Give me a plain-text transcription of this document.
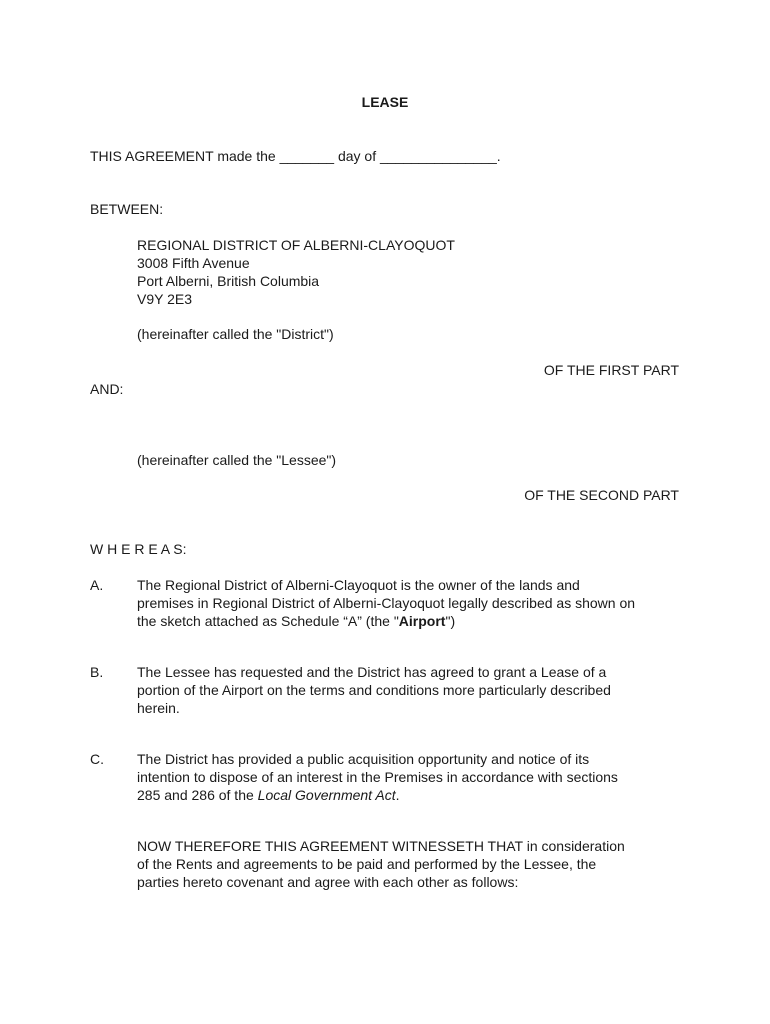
LEASE
THIS AGREEMENT made the _______ day of _______________.
BETWEEN:
REGIONAL DISTRICT OF ALBERNI-CLAYOQUOT
3008 Fifth Avenue
Port Alberni, British Columbia
V9Y 2E3
(hereinafter called the "District")
OF THE FIRST PART
AND:
(hereinafter called the "Lessee")
OF THE SECOND PART
W H E R E A S:
A. The Regional District of Alberni-Clayoquot is the owner of the lands and
premises in Regional District of Alberni-Clayoquot legally described as shown on
the sketch attached as Schedule “A” (the "Airport")
B. The Lessee has requested and the District has agreed to grant a Lease of a
portion of the Airport on the terms and conditions more particularly described
herein.
C. The District has provided a public acquisition opportunity and notice of its
intention to dispose of an interest in the Premises in accordance with sections
285 and 286 of the Local Government Act.
NOW THEREFORE THIS AGREEMENT WITNESSETH THAT in consideration
of the Rents and agreements to be paid and performed by the Lessee, the
parties hereto covenant and agree with each other as follows:
